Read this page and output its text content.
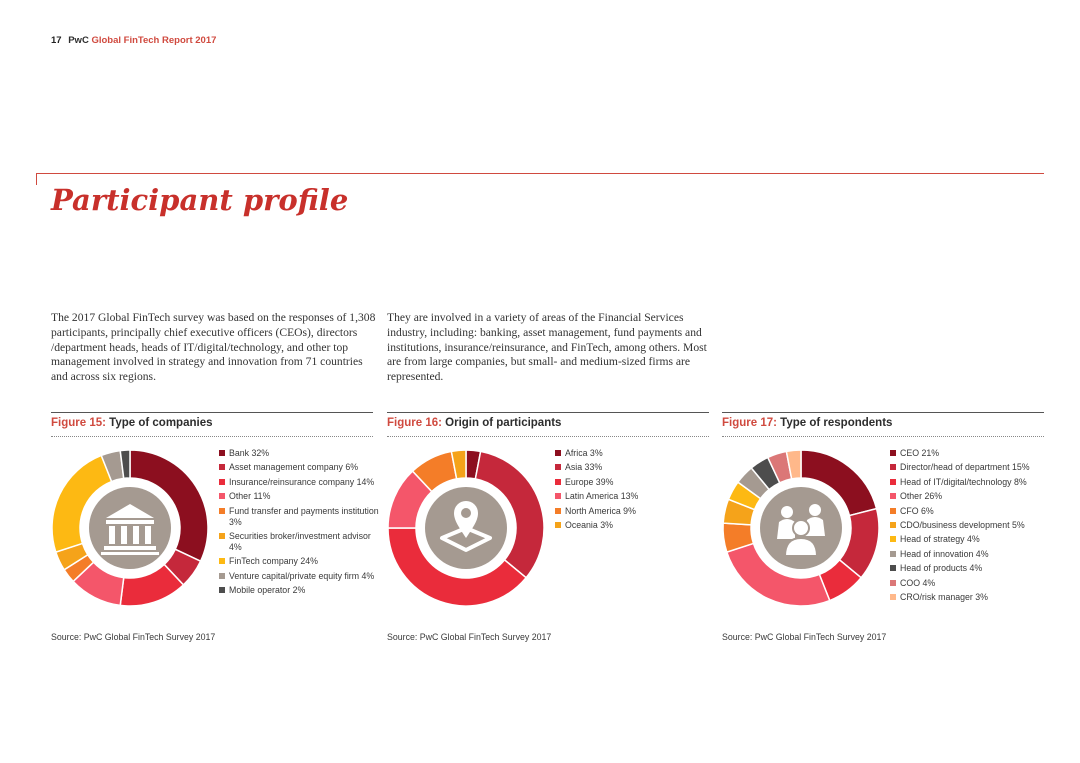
17 PwC Global FinTech Report 2017
Participant profile
The 2017 Global FinTech survey was based on the responses of 1,308 participants, principally chief executive officers (CEOs), directors /department heads, heads of IT/digital/technology, and other top management involved in strategy and innovation from 71 countries and across six regions.
They are involved in a variety of areas of the Financial Services industry, including: banking, asset management, fund payments and institutions, insurance/reinsurance, and FinTech, among others. Most are from large companies, but small- and medium-sized firms are represented.
Figure 15: Type of companies
Bank 32%
Asset management company 6%
Insurance/reinsurance company 14%
Other 11%
Fund transfer and payments institution 3%
Securities broker/investment advisor 4%
FinTech company 24%
Venture capital/private equity firm 4%
Mobile operator 2%
Source: PwC Global FinTech Survey 2017
Figure 16: Origin of participants
Africa 3%
Asia 33%
Europe 39%
Latin America 13%
North America 9%
Oceania 3%
Source: PwC Global FinTech Survey 2017
Figure 17: Type of respondents
CEO 21%
Director/head of department 15%
Head of IT/digital/technology 8%
Other 26%
CFO 6%
CDO/business development 5%
Head of strategy 4%
Head of innovation 4%
Head of products 4%
COO 4%
CRO/risk manager 3%
Source: PwC Global FinTech Survey 2017
